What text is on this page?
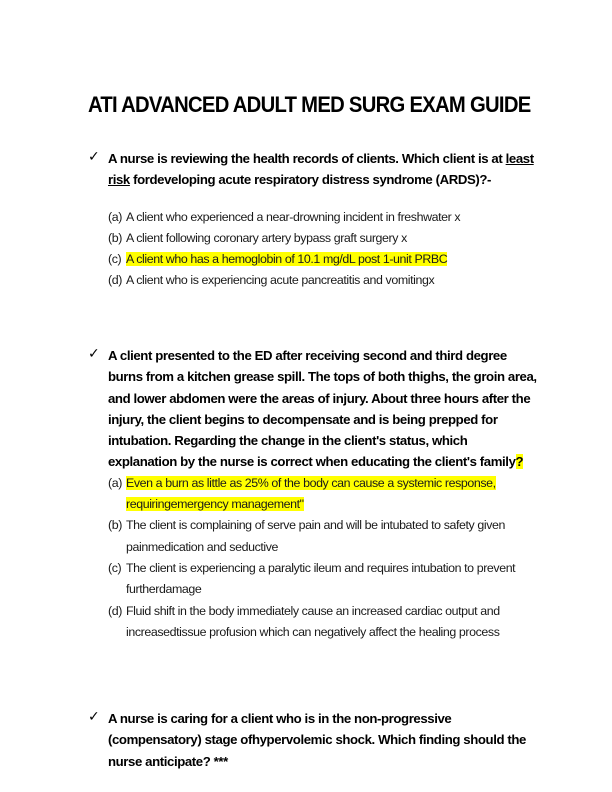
ATI ADVANCED ADULT MED SURG EXAM GUIDE
✓ A nurse is reviewing the health records of clients. Which client is at least risk fordeveloping acute respiratory distress syndrome (ARDS)?-
(a) A client who experienced a near-drowning incident in freshwater x
(b) A client following coronary artery bypass graft surgery x
(c) A client who has a hemoglobin of 10.1 mg/dL post 1-unit PRBC
(d) A client who is experiencing acute pancreatitis and vomitingx
✓ A client presented to the ED after receiving second and third degree burns from a kitchen grease spill. The tops of both thighs, the groin area, and lower abdomen were the areas of injury. About three hours after the injury, the client begins to decompensate and is being prepped for intubation. Regarding the change in the client's status, which explanation by the nurse is correct when educating the client's family?
(a) Even a burn as little as 25% of the body can cause a systemic response, requiringemergency management"
(b) The client is complaining of serve pain and will be intubated to safety given painmedication and seductive
(c) The client is experiencing a paralytic ileum and requires intubation to prevent furtherdamage
(d) Fluid shift in the body immediately cause an increased cardiac output and increasedtissue profusion which can negatively affect the healing process
✓ A nurse is caring for a client who is in the non-progressive (compensatory) stage ofhypervolemic shock. Which finding should the nurse anticipate? ***
